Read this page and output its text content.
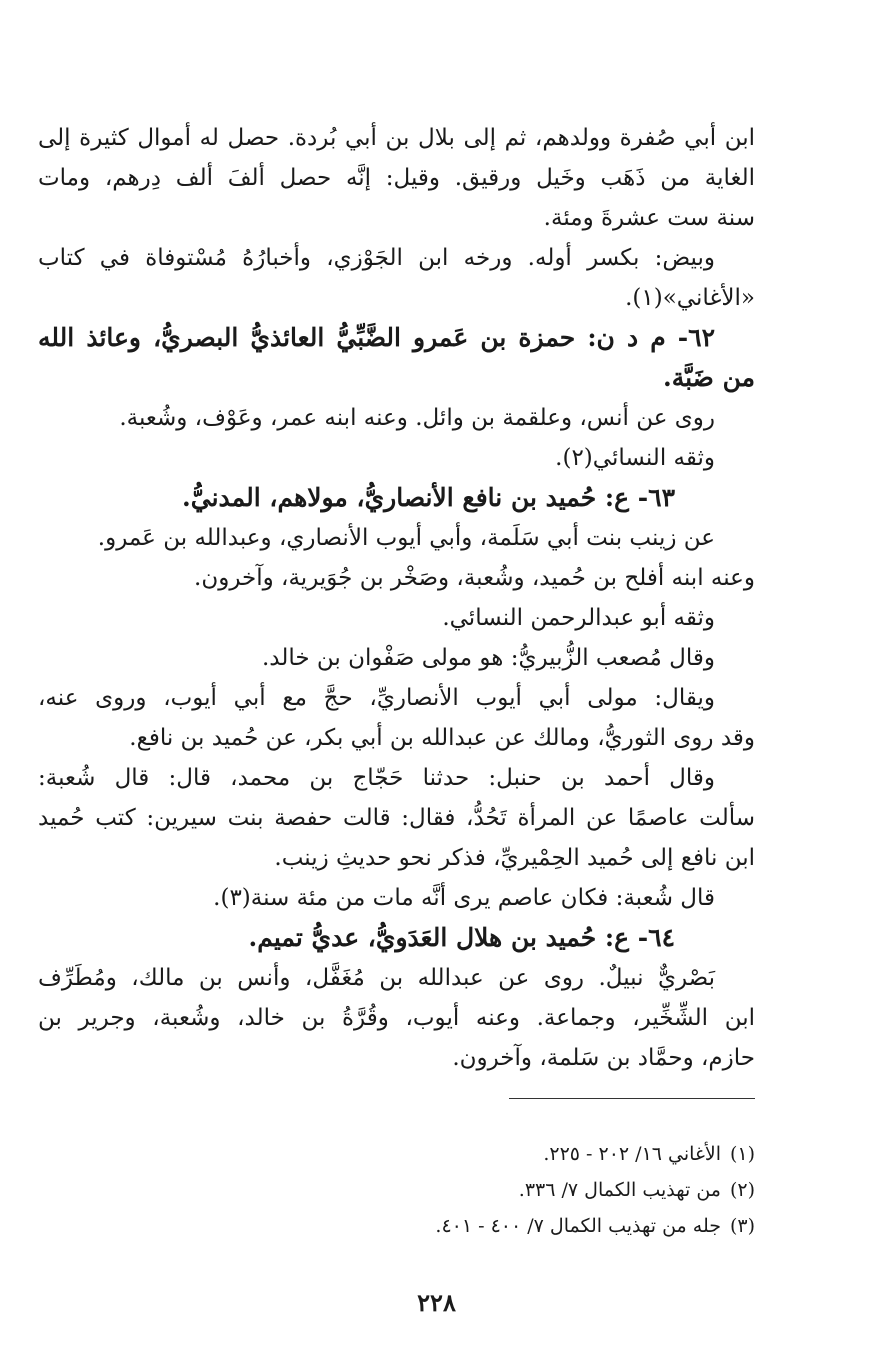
ابن أبي صُفرة وولدهم، ثم إلى بلال بن أبي بُردة. حصل له أموال كثيرة إلى
الغاية من ذَهَب وخَيل ورقيق. وقيل: إنَّه حصل ألفَ ألف دِرهم، ومات
سنة ست عشرةَ ومئة.
وبيض: بكسر أوله. ورخه ابن الجَوْزي، وأخبارُهُ مُسْتوفاة في كتاب
«الأغاني»(١).
٦٢- م د ن: حمزة بن عَمرو الضَّبِّيُّ العائذيُّ البصريُّ، وعائذ الله
من ضَبَّة.
روى عن أنس، وعلقمة بن وائل. وعنه ابنه عمر، وعَوْف، وشُعبة.
وثقه النسائي(٢).
٦٣- ع: حُميد بن نافع الأنصاريُّ، مولاهم، المدنيُّ.
عن زينب بنت أبي سَلَمة، وأبي أيوب الأنصاري، وعبدالله بن عَمرو.
وعنه ابنه أفلح بن حُميد، وشُعبة، وصَخْر بن جُوَيرية، وآخرون.
وثقه أبو عبدالرحمن النسائي.
وقال مُصعب الزُّبيريُّ: هو مولى صَفْوان بن خالد.
ويقال: مولى أبي أيوب الأنصاريِّ، حجَّ مع أبي أيوب، وروى عنه،
وقد روى الثوريُّ، ومالك عن عبدالله بن أبي بكر، عن حُميد بن نافع.
وقال أحمد بن حنبل: حدثنا حَجّاج بن محمد، قال: قال شُعبة:
سألت عاصمًا عن المرأة تَحُدُّ، فقال: قالت حفصة بنت سيرين: كتب حُميد
ابن نافع إلى حُميد الحِمْيريِّ، فذكر نحو حديثِ زينب.
قال شُعبة: فكان عاصم يرى أنَّه مات من مئة سنة(٣).
٦٤- ع: حُميد بن هلال العَدَويُّ، عديُّ تميم.
بَصْريٌّ نبيلٌ. روى عن عبدالله بن مُغَفَّل، وأنس بن مالك، ومُطَرِّف
ابن الشِّخِّير، وجماعة. وعنه أيوب، وقُرَّةُ بن خالد، وشُعبة، وجرير بن
حازم، وحمَّاد بن سَلمة، وآخرون.
(١)الأغاني ١٦/ ٢٠٢ - ٢٢٥.
(٢)من تهذيب الكمال ٧/ ٣٣٦.
(٣)جله من تهذيب الكمال ٧/ ٤٠٠ - ٤٠١.
٢٢٨
